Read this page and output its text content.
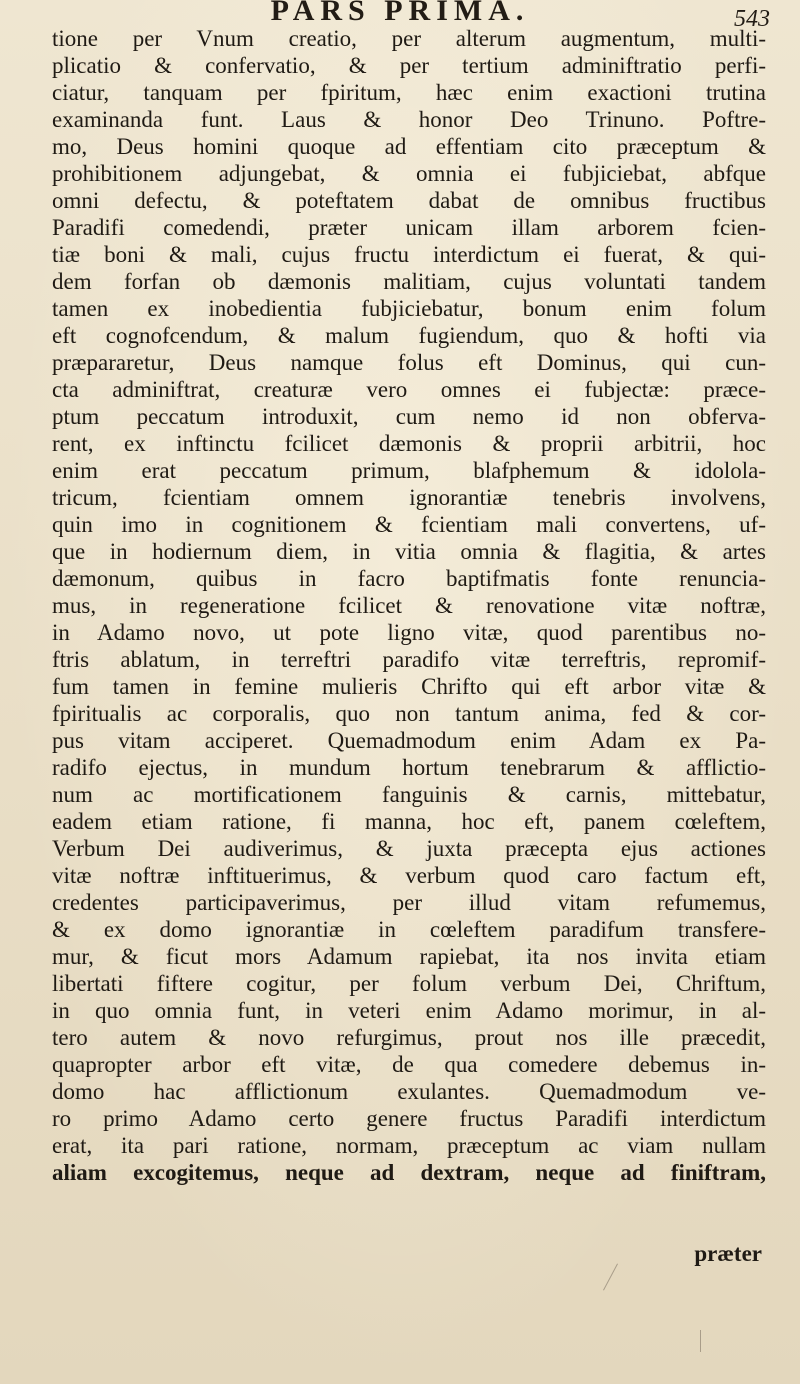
PARS PRIMA.	543
tione per Vnum creatio, per alterum augmentum, multi-
plicatio & confervatio, & per tertium adminiftratio perfi-
ciatur, tanquam per fpiritum, hæc enim exactioni trutina
examinanda funt. Laus & honor Deo Trinuno. Poftre-
mo, Deus homini quoque ad effentiam cito præceptum &
prohibitionem adjungebat, & omnia ei fubjiciebat, abfque
omni defectu, & poteftatem dabat de omnibus fructibus
Paradifi comedendi, præter unicam illam arborem fcien-
tiæ boni & mali, cujus fructu interdictum ei fuerat, & qui-
dem forfan ob dæmonis malitiam, cujus voluntati tandem
tamen ex inobedientia fubjiciebatur, bonum enim folum
eft cognofcendum, & malum fugiendum, quo & hofti via
præpararetur, Deus namque folus eft Dominus, qui cun-
cta adminiftrat, creaturæ vero omnes ei fubjectæ: præce-
ptum peccatum introduxit, cum nemo id non obferva-
rent, ex inftinctu fcilicet dæmonis & proprii arbitrii, hoc
enim erat peccatum primum, blafphemum & idolola-
tricum, fcientiam omnem ignorantiæ tenebris involvens,
quin imo in cognitionem & fcientiam mali convertens, uf-
que in hodiernum diem, in vitia omnia & flagitia, & artes
dæmonum, quibus in facro baptifmatis fonte renuncia-
mus, in regeneratione fcilicet & renovatione vitæ noftræ,
in Adamo novo, ut pote ligno vitæ, quod parentibus no-
ftris ablatum, in terreftri paradifo vitæ terreftris, repromif-
fum tamen in femine mulieris Chrifto qui eft arbor vitæ &
fpiritualis ac corporalis, quo non tantum anima, fed & cor-
pus vitam acciperet. Quemadmodum enim Adam ex Pa-
radifo ejectus, in mundum hortum tenebrarum & afflictio-
num ac mortificationem fanguinis & carnis, mittebatur,
eadem etiam ratione, fi manna, hoc eft, panem cœleftem,
Verbum Dei audiverimus, & juxta præcepta ejus actiones
vitæ noftræ inftituerimus, & verbum quod caro factum eft,
credentes participaverimus, per illud vitam refumemus,
& ex domo ignorantiæ in cœleftem paradifum transfere-
mur, & ficut mors Adamum rapiebat, ita nos invita etiam
libertati fiftere cogitur, per folum verbum Dei, Chriftum,
in quo omnia funt, in veteri enim Adamo morimur, in al-
tero autem & novo refurgimus, prout nos ille præcedit,
quapropter arbor eft vitæ, de qua comedere debemus in-
domo hac afflictionum exulantes. Quemadmodum ve-
ro primo Adamo certo genere fructus Paradifi interdictum
erat, ita pari ratione, normam, præceptum ac viam nullam
aliam excogitemus, neque ad dextram, neque ad finiftram,
præter
